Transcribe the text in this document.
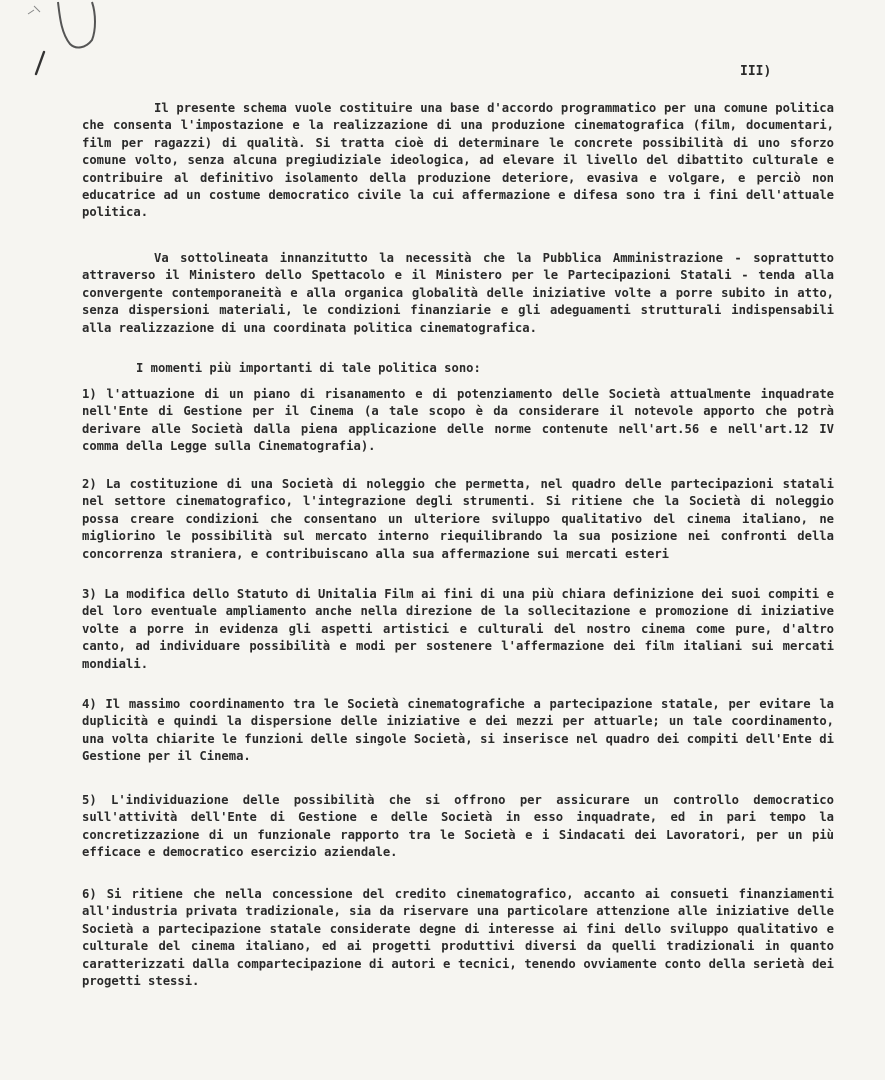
III)
Il presente schema vuole costituire una base d'accordo programmatico per una comune politica che consenta l'impostazione e la realizzazione di una produzione cinematografica (film, documentari, film per ragazzi) di qualità. Si tratta cioè di determinare le concrete possibilità di uno sforzo comune volto, senza alcuna pregiudiziale ideologica, ad elevare il livello del dibattito culturale e contribuire al definitivo isolamento della produzione deteriore, evasiva e volgare, e perciò non educatrice ad un costume democratico civile la cui affermazione e difesa sono tra i fini dell'attuale politica.
Va sottolineata innanzitutto la necessità che la Pubblica Amministrazione - soprattutto attraverso il Ministero dello Spettacolo e il Ministero per le Partecipazioni Statali - tenda alla convergente contemporaneità e alla organica globalità delle iniziative volte a porre subito in atto, senza dispersioni materiali, le condizioni finanziarie e gli adeguamenti strutturali indispensabili alla realizzazione di una coordinata politica cinematografica.
I momenti più importanti di tale politica sono:
1) l'attuazione di un piano di risanamento e di potenziamento delle Società attualmente inquadrate nell'Ente di Gestione per il Cinema (a tale scopo è da considerare il notevole apporto che potrà derivare alle Società dalla piena applicazione delle norme contenute nell'art.56 e nell'art.12 IV comma della Legge sulla Cinematografia).
2) La costituzione di una Società di noleggio che permetta, nel quadro delle partecipazioni statali nel settore cinematografico, l'integrazione degli strumenti. Si ritiene che la Società di noleggio possa creare condizioni che consentano un ulteriore sviluppo qualitativo del cinema italiano, ne migliorino le possibilità sul mercato interno riequilibrando la sua posizione nei confronti della concorrenza straniera, e contribuiscano alla sua affermazione sui mercati esteri
3) La modifica dello Statuto di Unitalia Film ai fini di una più chiara definizione dei suoi compiti e del loro eventuale ampliamento anche nella direzione de la sollecitazione e promozione di iniziative volte a porre in evidenza gli aspetti artistici e culturali del nostro cinema come pure, d'altro canto, ad individuare possibilità e modi per sostenere l'affermazione dei film italiani sui mercati mondiali.
4) Il massimo coordinamento tra le Società cinematografiche a partecipazione statale, per evitare la duplicità e quindi la dispersione delle iniziative e dei mezzi per attuarle; un tale coordinamento, una volta chiarite le funzioni delle singole Società, si inserisce nel quadro dei compiti dell'Ente di Gestione per il Cinema.
5) L'individuazione delle possibilità che si offrono per assicurare un controllo democratico sull'attività dell'Ente di Gestione e delle Società in esso inquadrate, ed in pari tempo la concretizzazione di un funzionale rapporto tra le Società e i Sindacati dei Lavoratori, per un più efficace e democratico esercizio aziendale.
6) Si ritiene che nella concessione del credito cinematografico, accanto ai consueti finanziamenti all'industria privata tradizionale, sia da riservare una particolare attenzione alle iniziative delle Società a partecipazione statale considerate degne di interesse ai fini dello sviluppo qualitativo e culturale del cinema italiano, ed ai progetti produttivi diversi da quelli tradizionali in quanto caratterizzati dalla compartecipazione di autori e tecnici, tenendo ovviamente conto della serietà dei progetti stessi.
